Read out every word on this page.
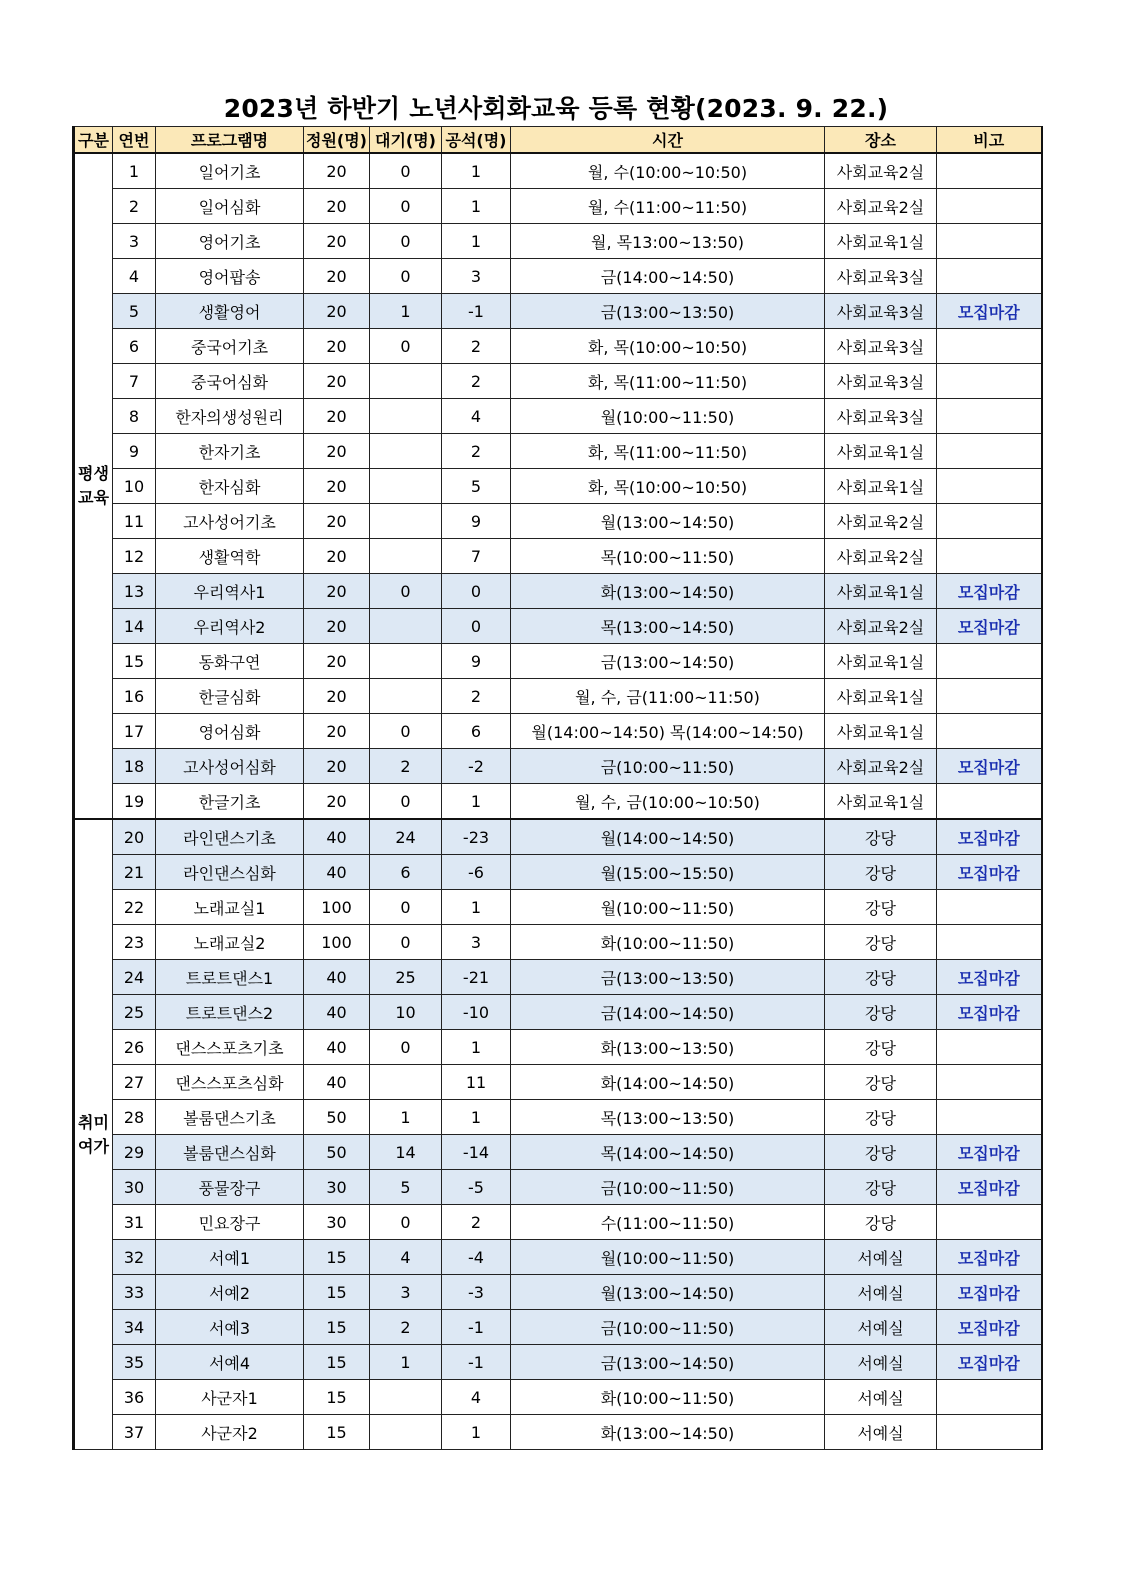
2023년 하반기 노년사회화교육 등록 현황(2023. 9. 22.)
구분	연번	프로그램명	정원(명)	대기(명)	공석(명)	시간	장소	비고
평생 교육	1	일어기초	20	0	1	월, 수(10:00~10:50)	사회교육2실	
	2	일어심화	20	0	1	월, 수(11:00~11:50)	사회교육2실	
	3	영어기초	20	0	1	월, 목13:00~13:50)	사회교육1실	
	4	영어팝송	20	0	3	금(14:00~14:50)	사회교육3실	
	5	생활영어	20	1	-1	금(13:00~13:50)	사회교육3실	모집마감
	6	중국어기초	20	0	2	화, 목(10:00~10:50)	사회교육3실	
	7	중국어심화	20		2	화, 목(11:00~11:50)	사회교육3실	
	8	한자의생성원리	20		4	월(10:00~11:50)	사회교육3실	
	9	한자기초	20		2	화, 목(11:00~11:50)	사회교육1실	
	10	한자심화	20		5	화, 목(10:00~10:50)	사회교육1실	
	11	고사성어기초	20		9	월(13:00~14:50)	사회교육2실	
	12	생활역학	20		7	목(10:00~11:50)	사회교육2실	
	13	우리역사1	20	0	0	화(13:00~14:50)	사회교육1실	모집마감
	14	우리역사2	20		0	목(13:00~14:50)	사회교육2실	모집마감
	15	동화구연	20		9	금(13:00~14:50)	사회교육1실	
	16	한글심화	20		2	월, 수, 금(11:00~11:50)	사회교육1실	
	17	영어심화	20	0	6	월(14:00~14:50) 목(14:00~14:50)	사회교육1실	
	18	고사성어심화	20	2	-2	금(10:00~11:50)	사회교육2실	모집마감
	19	한글기초	20	0	1	월, 수, 금(10:00~10:50)	사회교육1실	
취미 여가	20	라인댄스기초	40	24	-23	월(14:00~14:50)	강당	모집마감
	21	라인댄스심화	40	6	-6	월(15:00~15:50)	강당	모집마감
	22	노래교실1	100	0	1	월(10:00~11:50)	강당	
	23	노래교실2	100	0	3	화(10:00~11:50)	강당	
	24	트로트댄스1	40	25	-21	금(13:00~13:50)	강당	모집마감
	25	트로트댄스2	40	10	-10	금(14:00~14:50)	강당	모집마감
	26	댄스스포츠기초	40	0	1	화(13:00~13:50)	강당	
	27	댄스스포츠심화	40		11	화(14:00~14:50)	강당	
	28	볼룸댄스기초	50	1	1	목(13:00~13:50)	강당	
	29	볼룸댄스심화	50	14	-14	목(14:00~14:50)	강당	모집마감
	30	풍물장구	30	5	-5	금(10:00~11:50)	강당	모집마감
	31	민요장구	30	0	2	수(11:00~11:50)	강당	
	32	서예1	15	4	-4	월(10:00~11:50)	서예실	모집마감
	33	서예2	15	3	-3	월(13:00~14:50)	서예실	모집마감
	34	서예3	15	2	-1	금(10:00~11:50)	서예실	모집마감
	35	서예4	15	1	-1	금(13:00~14:50)	서예실	모집마감
	36	사군자1	15		4	화(10:00~11:50)	서예실	
	37	사군자2	15		1	화(13:00~14:50)	서예실	
